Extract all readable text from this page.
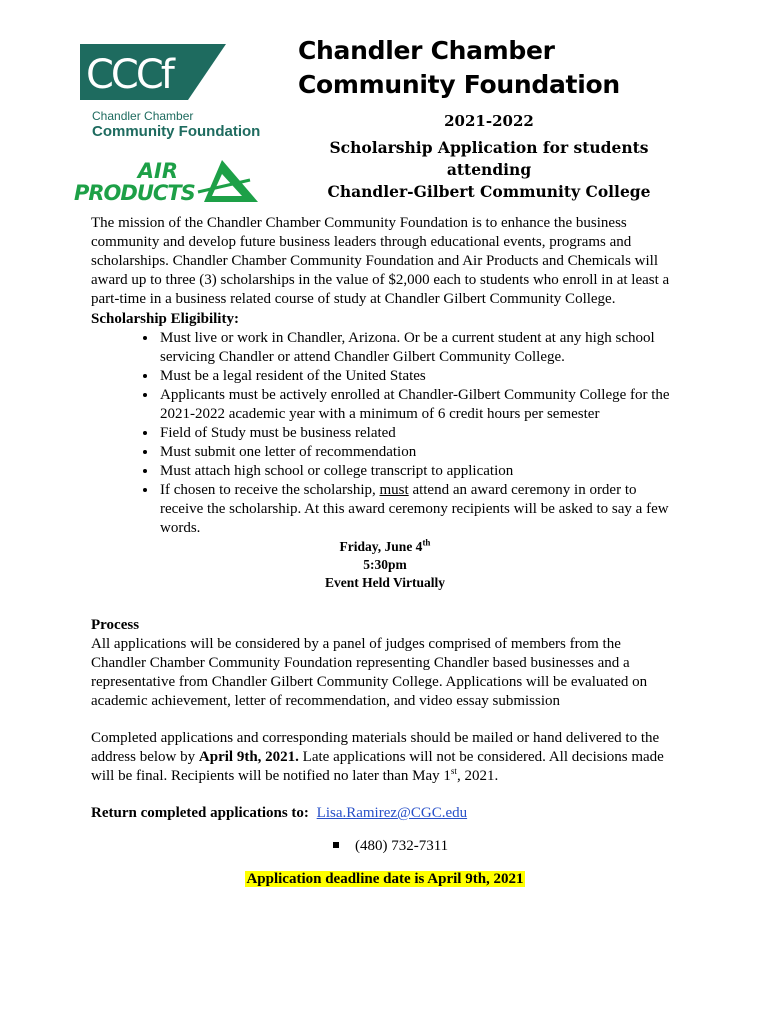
CCCf
Chandler Chamber
Community Foundation
AIR
PRODUCTS
Chandler Chamber
Community Foundation

2021-2022

Scholarship Application for students attending
Chandler-Gilbert Community College

The mission of the Chandler Chamber Community Foundation is to enhance the business community and develop future business leaders through educational events, programs and scholarships. Chandler Chamber Community Foundation and Air Products and Chemicals will award up to three (3) scholarships in the value of $2,000 each to students who enroll in at least a part-time in a business related course of study at Chandler Gilbert Community College.

Scholarship Eligibility:

• Must live or work in Chandler, Arizona. Or be a current student at any high school servicing Chandler or attend Chandler Gilbert Community College.
• Must be a legal resident of the United States
• Applicants must be actively enrolled at Chandler-Gilbert Community College for the 2021-2022 academic year with a minimum of 6 credit hours per semester
• Field of Study must be business related
• Must submit one letter of recommendation
• Must attach high school or college transcript to application
• If chosen to receive the scholarship, must attend an award ceremony in order to receive the scholarship. At this award ceremony recipients will be asked to say a few words.
Friday, June 4th
5:30pm
Event Held Virtually

Process

All applications will be considered by a panel of judges comprised of members from the Chandler Chamber Community Foundation representing Chandler based businesses and a representative from Chandler Gilbert Community College. Applications will be evaluated on academic achievement, letter of recommendation, and video essay submission

Completed applications and corresponding materials should be mailed or hand delivered to the address below by April 9th, 2021. Late applications will not be considered. All decisions made will be final. Recipients will be notified no later than May 1st, 2021.

Return completed applications to: Lisa.Ramirez@CGC.edu

(480) 732-7311

Application deadline date is April 9th, 2021
